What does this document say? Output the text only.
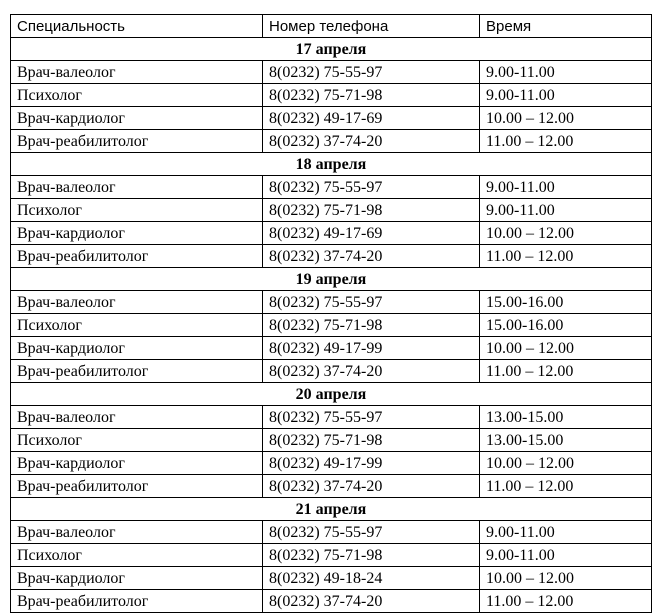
Специальность	Номер телефона	Время
17 апреля		
Врач-валеолог	8(0232) 75-55-97	9.00-11.00
Психолог	8(0232) 75-71-98	9.00-11.00
Врач-кардиолог	8(0232) 49-17-69	10.00 – 12.00
Врач-реабилитолог	8(0232) 37-74-20	11.00 – 12.00
18 апреля		
Врач-валеолог	8(0232) 75-55-97	9.00-11.00
Психолог	8(0232) 75-71-98	9.00-11.00
Врач-кардиолог	8(0232) 49-17-69	10.00 – 12.00
Врач-реабилитолог	8(0232) 37-74-20	11.00 – 12.00
19 апреля		
Врач-валеолог	8(0232) 75-55-97	15.00-16.00
Психолог	8(0232) 75-71-98	15.00-16.00
Врач-кардиолог	8(0232) 49-17-99	10.00 – 12.00
Врач-реабилитолог	8(0232) 37-74-20	11.00 – 12.00
20 апреля		
Врач-валеолог	8(0232) 75-55-97	13.00-15.00
Психолог	8(0232) 75-71-98	13.00-15.00
Врач-кардиолог	8(0232) 49-17-99	10.00 – 12.00
Врач-реабилитолог	8(0232) 37-74-20	11.00 – 12.00
21 апреля		
Врач-валеолог	8(0232) 75-55-97	9.00-11.00
Психолог	8(0232) 75-71-98	9.00-11.00
Врач-кардиолог	8(0232) 49-18-24	10.00 – 12.00
Врач-реабилитолог	8(0232) 37-74-20	11.00 – 12.00
